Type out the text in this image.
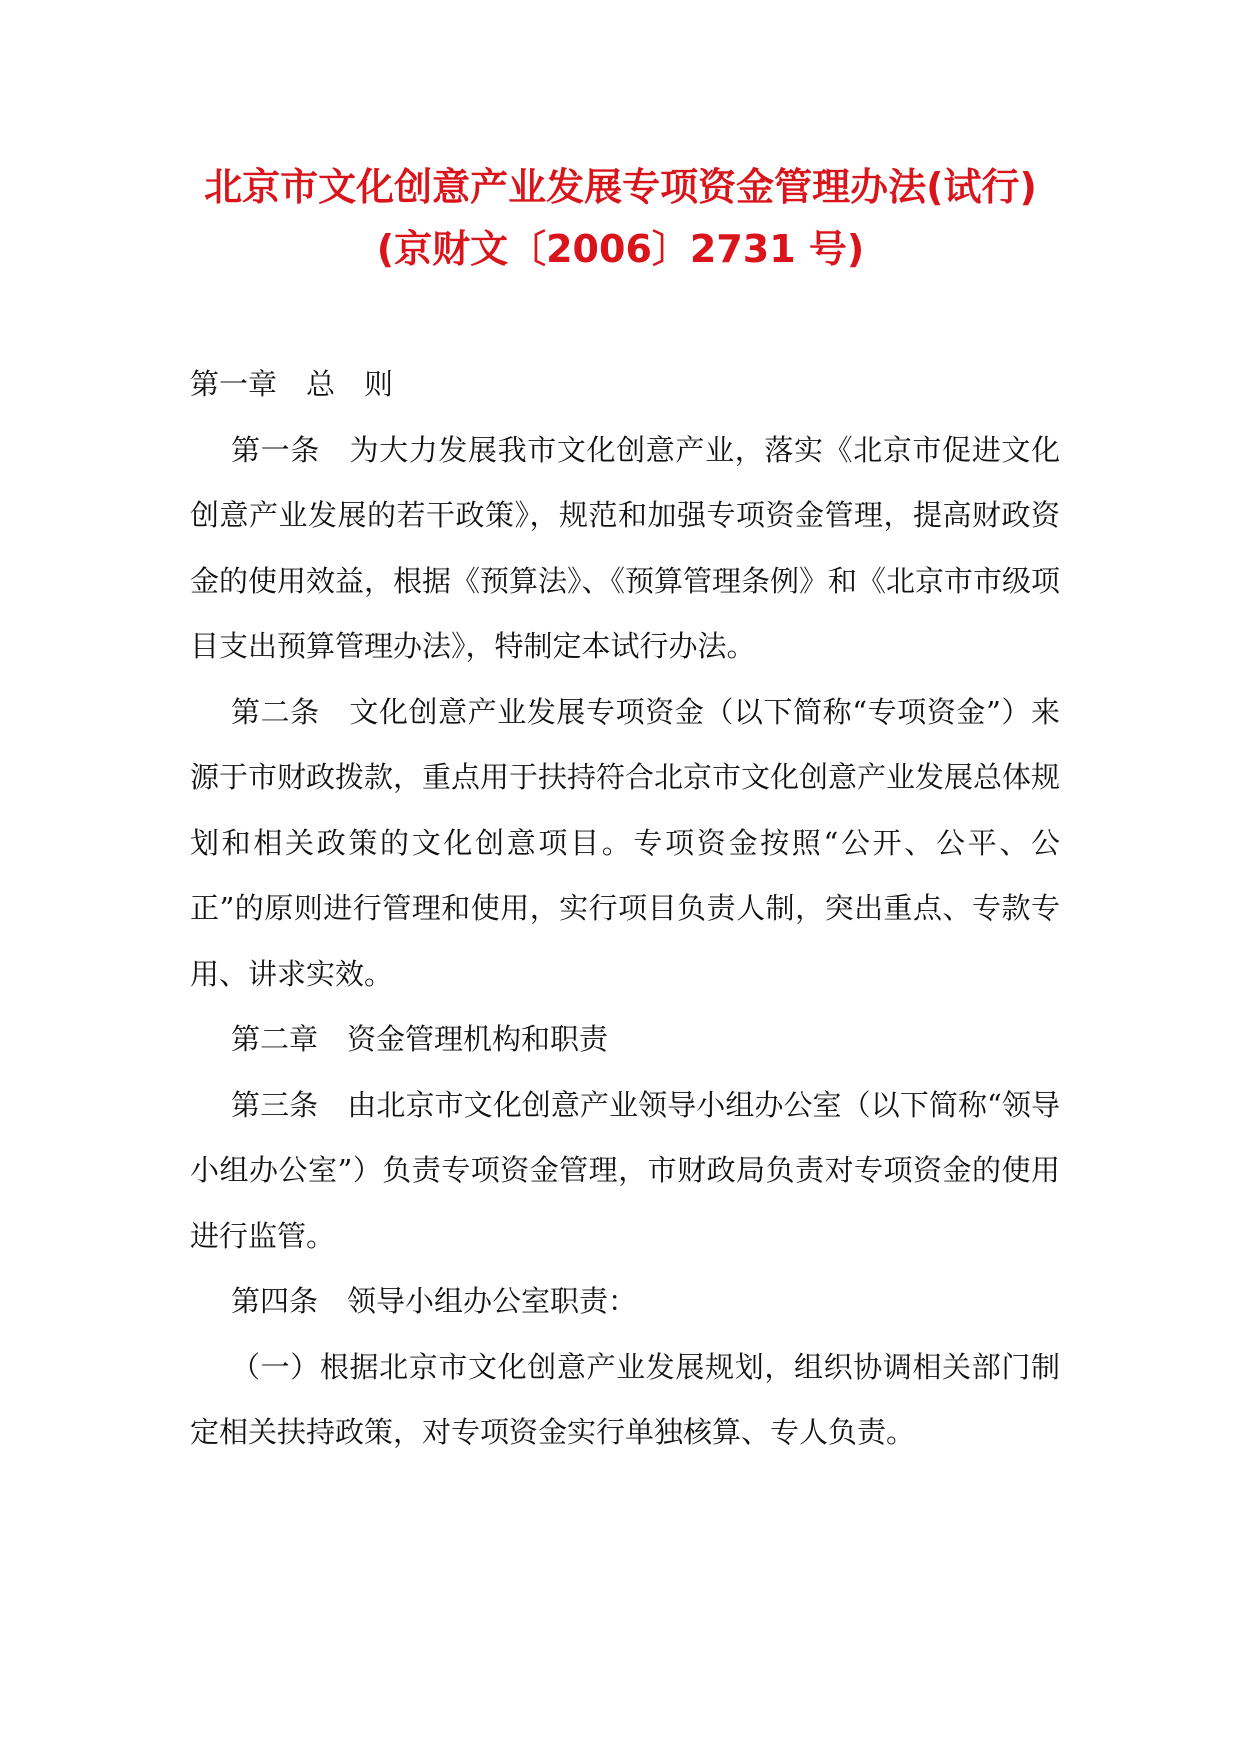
北京市文化创意产业发展专项资金管理办法(试行)
(京财文〔2006〕2731 号)

第一章　总　则

第一条　为大力发展我市文化创意产业，落实《北京市促进文化创意产业发展的若干政策》，规范和加强专项资金管理，提高财政资金的使用效益，根据《预算法》、《预算管理条例》和《北京市市级项目支出预算管理办法》，特制定本试行办法。

第二条　文化创意产业发展专项资金（以下简称“专项资金”）来源于市财政拨款，重点用于扶持符合北京市文化创意产业发展总体规划和相关政策的文化创意项目。专项资金按照“公开、公平、公正”的原则进行管理和使用，实行项目负责人制，突出重点、专款专用、讲求实效。

第二章　资金管理机构和职责

第三条　由北京市文化创意产业领导小组办公室（以下简称“领导小组办公室”）负责专项资金管理，市财政局负责对专项资金的使用进行监管。

第四条　领导小组办公室职责：

（一）根据北京市文化创意产业发展规划，组织协调相关部门制定相关扶持政策，对专项资金实行单独核算、专人负责。
